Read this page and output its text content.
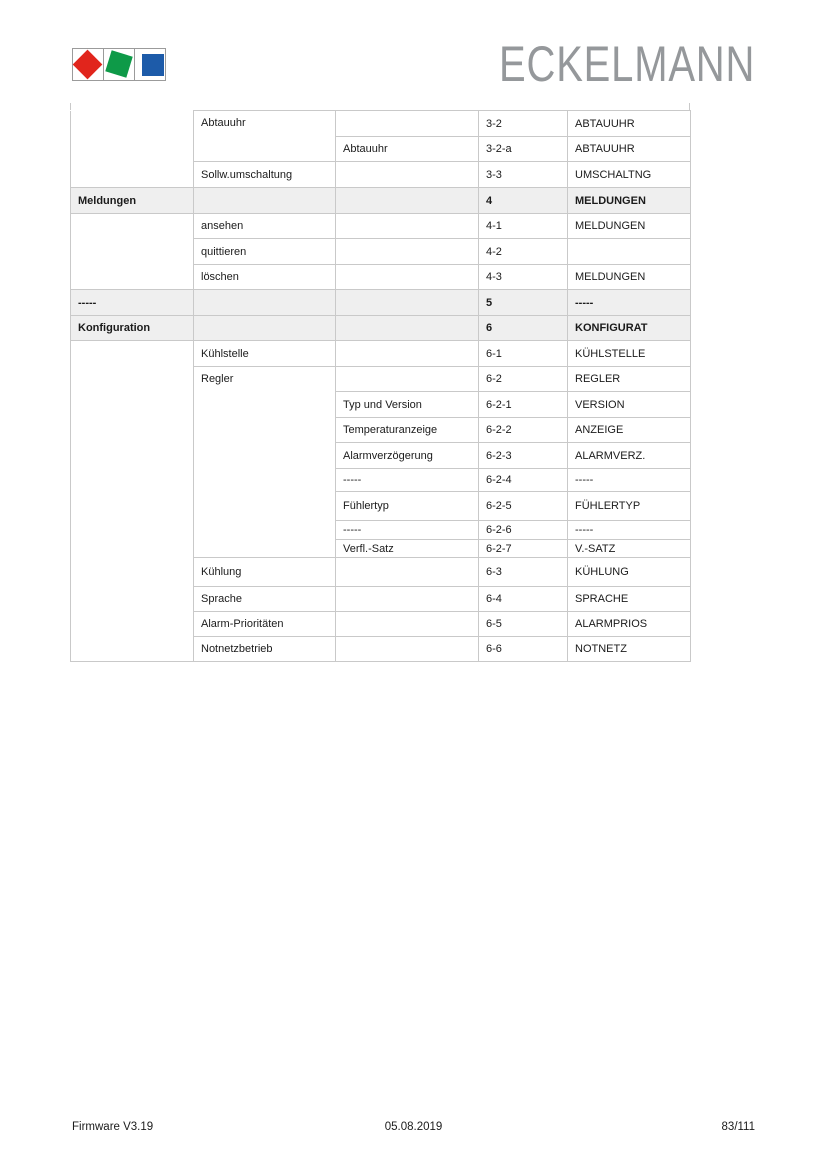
ECKELMANN
	Abtauuhr		3-2	ABTAUUHR
		Abtauuhr	3-2-a	ABTAUUHR
	Sollw.umschaltung		3-3	UMSCHALTNG
Meldungen			4	MELDUNGEN
	ansehen		4-1	MELDUNGEN
	quittieren		4-2	
	löschen		4-3	MELDUNGEN
-----			5	-----
Konfiguration			6	KONFIGURAT
	Kühlstelle		6-1	KÜHLSTELLE
	Regler		6-2	REGLER
		Typ und Version	6-2-1	VERSION
		Temperaturanzeige	6-2-2	ANZEIGE
		Alarmverzögerung	6-2-3	ALARMVERZ.
		-----	6-2-4	-----
		Fühlertyp	6-2-5	FÜHLERTYP
		-----	6-2-6	-----
		Verfl.-Satz	6-2-7	V.-SATZ
	Kühlung		6-3	KÜHLUNG
	Sprache		6-4	SPRACHE
	Alarm-Prioritäten		6-5	ALARMPRIOS
	Notnetzbetrieb		6-6	NOTNETZ
Firmware V3.19	05.08.2019	83/111
